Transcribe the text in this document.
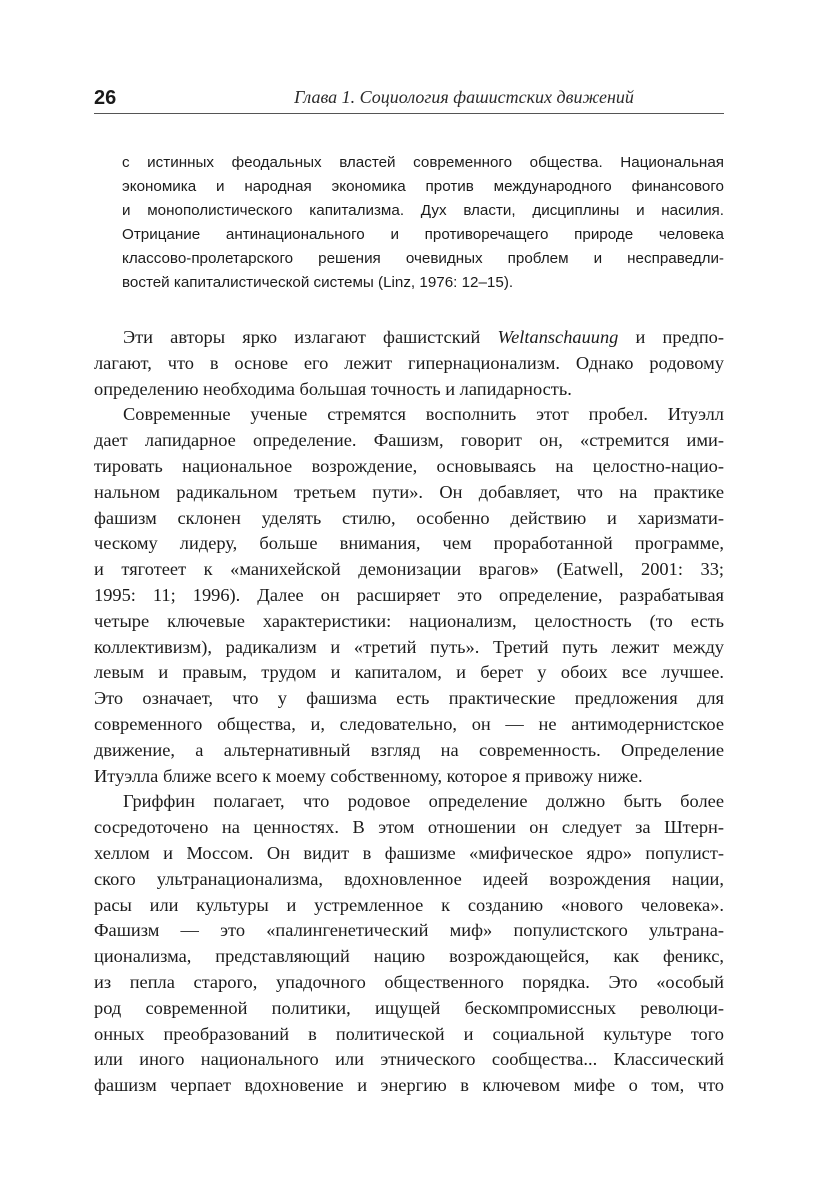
26	Глава 1. Социология фашистских движений
с истинных феодальных властей современного общества. Национальная
экономика и народная экономика против международного финансового
и монополистического капитализма. Дух власти, дисциплины и насилия.
Отрицание антинационального и противоречащего природе человека
классово-пролетарского решения очевидных проблем и несправедли-
востей капиталистической системы (Linz, 1976: 12–15).
Эти авторы ярко излагают фашистский Weltanschauung и предпо-
лагают, что в основе его лежит гипернационализм. Однако родовому
определению необходима большая точность и лапидарность.
Современные ученые стремятся восполнить этот пробел. Итуэлл
дает лапидарное определение. Фашизм, говорит он, «стремится ими-
тировать национальное возрождение, основываясь на целостно-нацио-
нальном радикальном третьем пути». Он добавляет, что на практике
фашизм склонен уделять стилю, особенно действию и харизмати-
ческому лидеру, больше внимания, чем проработанной программе,
и тяготеет к «манихейской демонизации врагов» (Eatwell, 2001: 33;
1995: 11; 1996). Далее он расширяет это определение, разрабатывая
четыре ключевые характеристики: национализм, целостность (то есть
коллективизм), радикализм и «третий путь». Третий путь лежит между
левым и правым, трудом и капиталом, и берет у обоих все лучшее.
Это означает, что у фашизма есть практические предложения для
современного общества, и, следовательно, он — не антимодернистское
движение, а альтернативный взгляд на современность. Определение
Итуэлла ближе всего к моему собственному, которое я привожу ниже.
Гриффин полагает, что родовое определение должно быть более
сосредоточено на ценностях. В этом отношении он следует за Штерн-
хеллом и Моссом. Он видит в фашизме «мифическое ядро» популист-
ского ультранационализма, вдохновленное идеей возрождения нации,
расы или культуры и устремленное к созданию «нового человека».
Фашизм — это «палингенетический миф» популистского ультрана-
ционализма, представляющий нацию возрождающейся, как феникс,
из пепла старого, упадочного общественного порядка. Это «особый
род современной политики, ищущей бескомпромиссных революци-
онных преобразований в политической и социальной культуре того
или иного национального или этнического сообщества... Классический
фашизм черпает вдохновение и энергию в ключевом мифе о том, что
